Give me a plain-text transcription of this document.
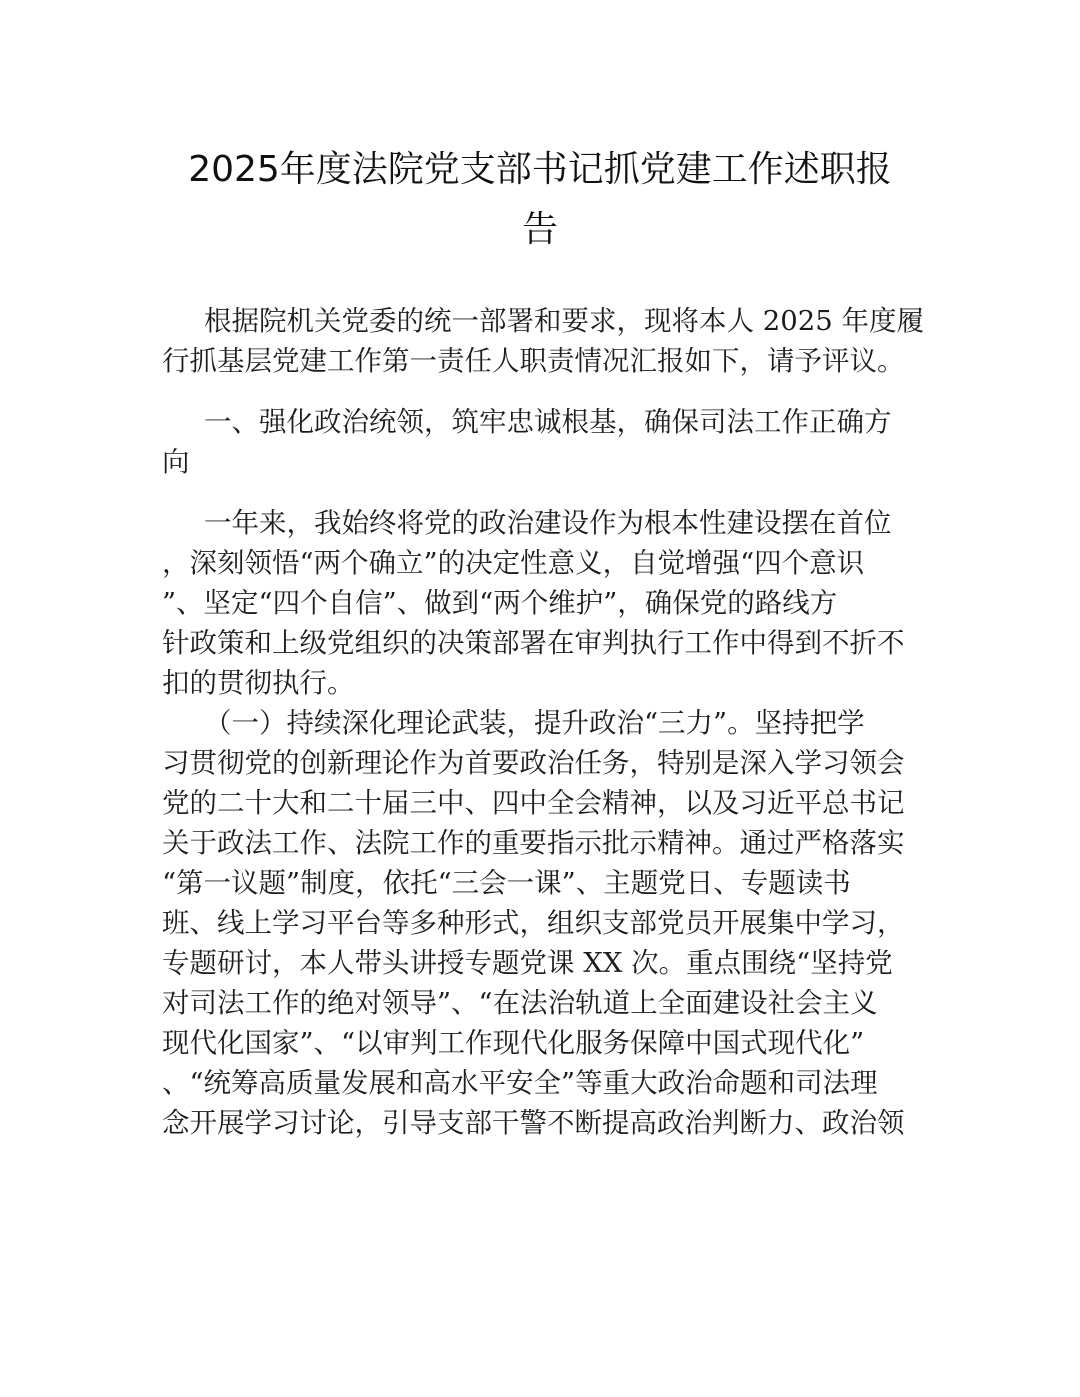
2025年度法院党支部书记抓党建工作述职报
告
根据院机关党委的统一部署和要求，现将本人 2025 年度履
行抓基层党建工作第一责任人职责情况汇报如下，请予评议。
一、强化政治统领，筑牢忠诚根基，确保司法工作正确方
向
一年来，我始终将党的政治建设作为根本性建设摆在首位
，深刻领悟“两个确立”的决定性意义，自觉增强“四个意识
”、坚定“四个自信”、做到“两个维护”，确保党的路线方
针政策和上级党组织的决策部署在审判执行工作中得到不折不
扣的贯彻执行。
（一）持续深化理论武装，提升政治“三力”。坚持把学
习贯彻党的创新理论作为首要政治任务，特别是深入学习领会
党的二十大和二十届三中、四中全会精神，以及习近平总书记
关于政法工作、法院工作的重要指示批示精神。通过严格落实
“第一议题”制度，依托“三会一课”、主题党日、专题读书
班、线上学习平台等多种形式，组织支部党员开展集中学习，
专题研讨，本人带头讲授专题党课 XX 次。重点围绕“坚持党
对司法工作的绝对领导”、“在法治轨道上全面建设社会主义
现代化国家”、“以审判工作现代化服务保障中国式现代化”
、“统筹高质量发展和高水平安全”等重大政治命题和司法理
念开展学习讨论，引导支部干警不断提高政治判断力、政治领
